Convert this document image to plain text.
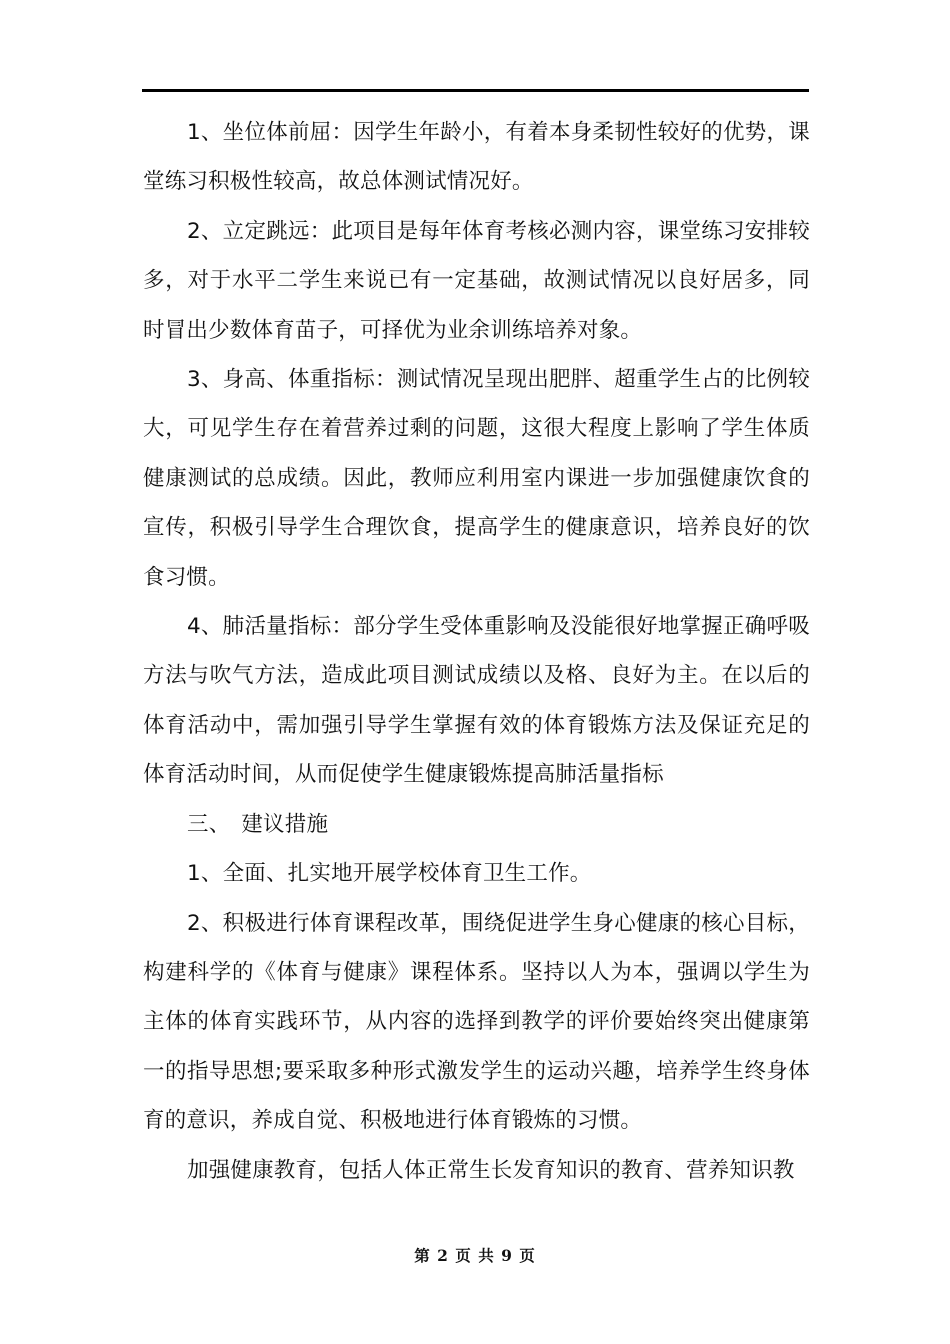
1、坐位体前屈：因学生年龄小，有着本身柔韧性较好的优势，课堂练习积极性较高，故总体测试情况好。

2、立定跳远：此项目是每年体育考核必测内容，课堂练习安排较多，对于水平二学生来说已有一定基础，故测试情况以良好居多，同时冒出少数体育苗子，可择优为业余训练培养对象。

3、身高、体重指标：测试情况呈现出肥胖、超重学生占的比例较大，可见学生存在着营养过剩的问题，这很大程度上影响了学生体质健康测试的总成绩。因此，教师应利用室内课进一步加强健康饮食的宣传，积极引导学生合理饮食，提高学生的健康意识，培养良好的饮食习惯。

4、肺活量指标：部分学生受体重影响及没能很好地掌握正确呼吸方法与吹气方法，造成此项目测试成绩以及格、良好为主。在以后的体育活动中，需加强引导学生掌握有效的体育锻炼方法及保证充足的体育活动时间，从而促使学生健康锻炼提高肺活量指标

三、　建议措施

1、全面、扎实地开展学校体育卫生工作。

2、积极进行体育课程改革，围绕促进学生身心健康的核心目标，构建科学的《体育与健康》课程体系。坚持以人为本，强调以学生为主体的体育实践环节，从内容的选择到教学的评价要始终突出健康第一的指导思想;要采取多种形式激发学生的运动兴趣，培养学生终身体育的意识，养成自觉、积极地进行体育锻炼的习惯。

加强健康教育，包括人体正常生长发育知识的教育、营养知识教

第 2 页 共 9 页
